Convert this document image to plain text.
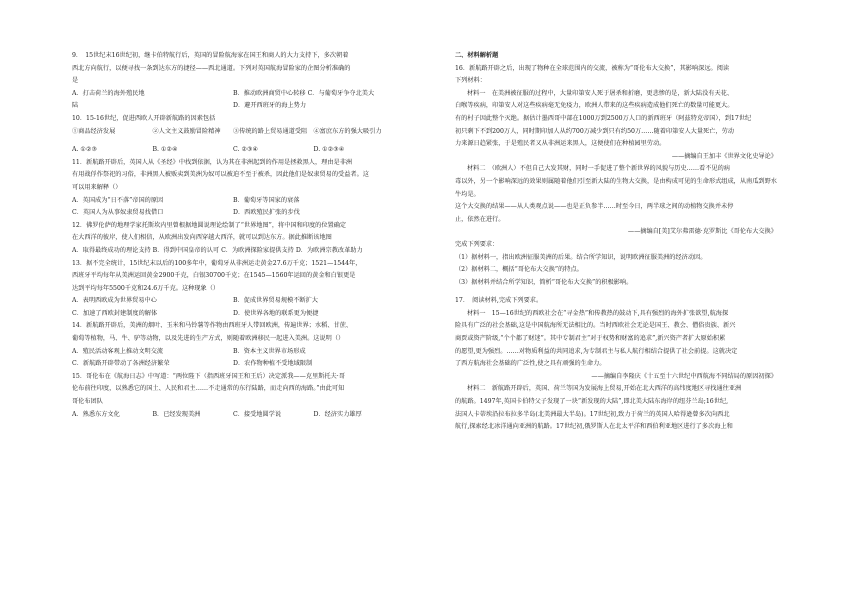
9．　15世纪末16世纪初，继卡伯特航行后，英国的冒险航海家在国王和商人的大力支持下，多次朝着

西北方向航行，以便寻找一条到达东方的捷径——西北通道。下列对英国航海冒险家的企图分析准确的

是

A．打击荷兰的海外殖民地	B．推动欧洲商贸中心转移 C．与葡萄牙争夺北美大
陆	D．避开西班牙的海上势力

10．15-16世纪，促进西欧人开辟新航路的因素包括

①商品经济发展	②人文主义鼓励冒险精神	③传统的路上贸易通道受阻	④富庶东方的强大吸引力
A. ①②③	B. ①②④	C. ②③④	D. ①②③④

11．新航路开辟后，英国人从《圣经》中找到依据，认为其在非洲起到的作用是拯救黑人，理由是非洲

有用战俘作祭祀的习俗，非洲黑人被贩卖到美洲为奴可以被迫不至于被杀，因此他们是奴隶贸易的受益者。这

可以用来解释（）

A．英国成为“日不落”帝国的原因	B．葡萄牙等国家的衰落
C．英国人为从事奴隶贸易找借口	D．西欧殖民扩张的步伐

12．佛罗伦萨的地理学家托斯坎内里曾根据地圆说理论绘制了“世界地图”，将中国和印度的位置确定

在大西洋的彼岸，使人们相信，从欧洲出发向西穿越大西洋，就可以到达东方。据此推断该地图

A．取得最终成功的理论支持 B．得到中国皇帝的认可 C．为欧洲探险家提供支持 D．为欧洲宗教改革助力

13．据不完全统计，15世纪末以后的100多年中，葡萄牙从非洲运走黄金27.6万千克；1521—1544年，

西班牙平均每年从美洲运回黄金2900千克，白银30700千克；在1545—1560年运回的黄金和白银更是

达到平均每年5500千克和24.6万千克。这种现象（）

A．表明西欧成为世界贸易中心	B．促成世界贸易规模不断扩大
C．加速了西欧封建制度的解体	D．使世界各地的联系更为便捷

14．新航路开辟后，美洲的烟叶、玉米和马铃薯等作物由西班牙人带回欧洲，传遍世界；水稻、甘蔗、

葡萄等植物，马、牛、驴等动物，以及先进的生产方式，则随着欧洲移民一起进入美洲。这说明（）

A．殖民活动客观上推动文明交流	B．资本主义世界市场形成
C．新航路开辟带动了各洲经济繁荣	D．农作物种植不受地域限制

15．哥伦布在《航海日志》中写道：“两位陛下（指西班牙国王和王后）决定派我——克里斯托夫·哥

伦布前往印度，以熟悉它的国土、人民和君主……不走通常的东行陆路，而走向西的海路。”由此可知

哥伦布团队

A．熟悉东方文化	B．已经发现美洲	C．接受地圆学说	D．经济实力雄厚

二、材料解析题

16．新航路开辟之后，出现了物种在全球范围内的交流，被称为“哥伦布大交换”，其影响深远。阅读

下列材料：

材料一　在美洲被征服的过程中，大量印第安人死于屠杀和折磨，更悲惨的是，新大陆没有天花、

白喉等疾病，印第安人对这些疾病毫无免疫力，欧洲人带来的这些疾病造成他们死亡的数量可能更大。

有的村子因此整个灭绝。据估计墨西哥中部在1000万到2500万人口的新西班牙（阿兹特克帝国），到17世纪

初只剩下不到200万人，同时期印加人从约700万减少到只有约50万……随着印第安人大量死亡，劳动

力来源日趋紧张，于是殖民者又从非洲运来黑人，这便使们在种植园里劳动。

——摘编自王加丰《世界文化史导论》

材料二　（欧洲人）不但自己大发其财，同时一手促进了整个新世界的风貌与历史……看不见的病

毒以外，另一个影响深远的效果则属随着他们引至新大陆的生物大交换，是由构成可见的生命形式组成，从南瓜到野水牛均是。

这个大交换的结果——从人类观点说——也是正负参半……时至今日，两半球之间的动植物交换并未停

止，依然在进行。

——摘编自[美]艾尔弗雷德·克罗斯比《哥伦布大交换》

完成下列要求：

（1）据材料一，指出欧洲征服美洲的后果。结合所学知识，说明欧洲征服美洲的经济动因。

（2）据材料二，概括“哥伦布大交换”的特点。

（3）据材料并结合所学知识，简析“哥伦布大交换”的积极影响。

17．　阅读材料,完成下列要求。

材料一　15—16世纪的西欧社会在“寻金热”和传教热的鼓动下,具有强烈的海外扩张欲望,航海探

险具有广泛的社会基础,这是中国航海所无法相比的。当时西欧社会无论是国王、教会、僧俗贵族、新兴

商贾或资产阶级,“个个都了财迷”。其中专制君主“对于权势和财富的追求”,新兴资产者扩大原始积累

的愿望,更为强烈。……对物质利益的共同追求,为专制君主与私人航行相结合提供了社会前提。这就决定

了西方航海社会基础的广泛性,使之具有顽强的生命力。

——摘编自李隆庆《十五至十六世纪中西航海不同结局的原因初探》

材料二　新航路开辟后，英国、荷兰等国为发展海上贸易,开始在北大西洋的高纬度地区寻找通往亚洲

的航路。1497年,英国卡伯特父子发现了一块“新发现的大陆”,即北美大陆东海岸的纽芬兰岛;16世纪,

法国人卡蒂埃沿拉布拉多半岛(北美洲最大半岛)。17世纪初,致力于荷兰的英国人哈得逊曾多次向西北

航行,探索经北冰洋通向亚洲的航路。17世纪初,俄罗斯人在北太平洋和西伯利亚地区进行了多次海上和
